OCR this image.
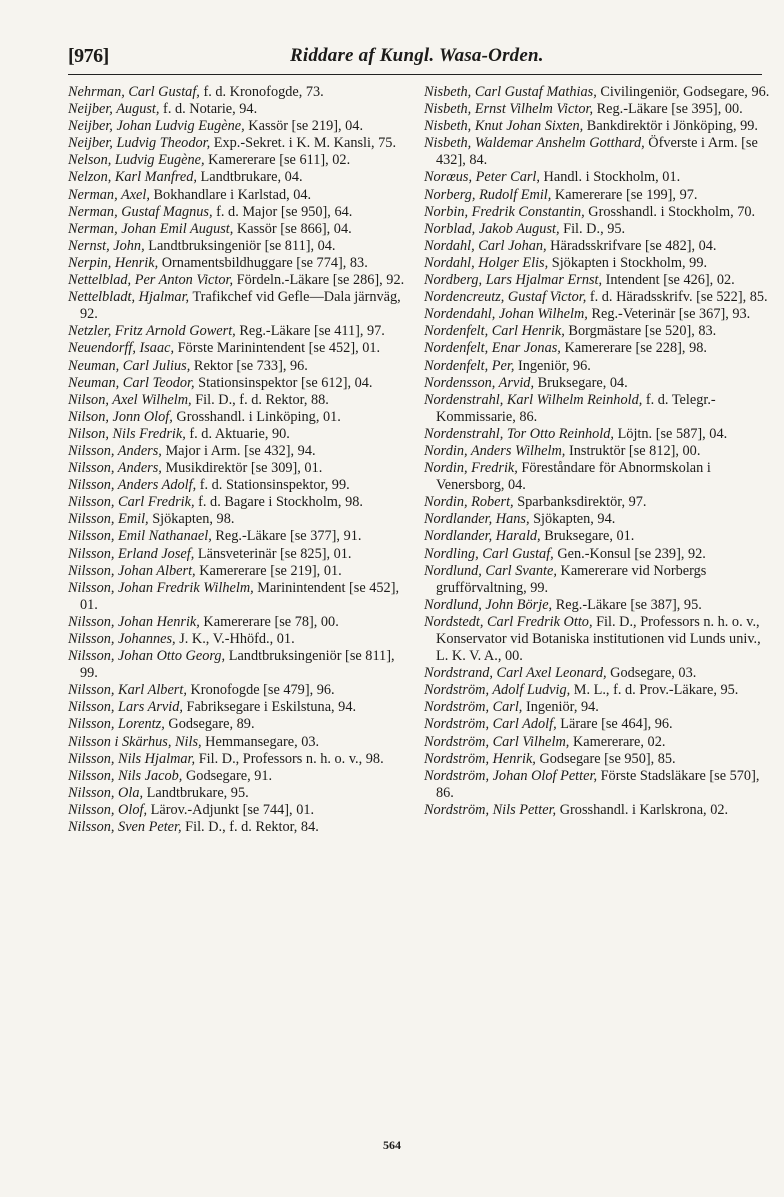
[976]	Riddare af Kungl. Wasa-Orden.

Nehrman, Carl Gustaf, f. d. Kronofogde, 73.

Neijber, August, f. d. Notarie, 94.

Neijber, Johan Ludvig Eugène, Kassör [se 219], 04.

Neijber, Ludvig Theodor, Exp.-Sekret. i K. M. Kansli, 75.

Nelson, Ludvig Eugène, Kamererare [se 611], 02.

Nelzon, Karl Manfred, Landtbrukare, 04.

Nerman, Axel, Bokhandlare i Karlstad, 04.

Nerman, Gustaf Magnus, f. d. Major [se 950], 64.

Nerman, Johan Emil August, Kassör [se 866], 04.

Nernst, John, Landtbruksingeniör [se 811], 04.

Nerpin, Henrik, Ornamentsbildhuggare [se 774], 83.

Nettelblad, Per Anton Victor, Fördeln.-Läkare [se 286], 92.

Nettelbladt, Hjalmar, Trafikchef vid Gefle—Dala järnväg, 92.

Netzler, Fritz Arnold Gowert, Reg.-Läkare [se 411], 97.

Neuendorff, Isaac, Förste Marinintendent [se 452], 01.

Neuman, Carl Julius, Rektor [se 733], 96.

Neuman, Carl Teodor, Stationsinspektor [se 612], 04.

Nilson, Axel Wilhelm, Fil. D., f. d. Rektor, 88.

Nilson, Jonn Olof, Grosshandl. i Linköping, 01.

Nilson, Nils Fredrik, f. d. Aktuarie, 90.

Nilsson, Anders, Major i Arm. [se 432], 94.

Nilsson, Anders, Musikdirektör [se 309], 01.

Nilsson, Anders Adolf, f. d. Stationsinspektor, 99.

Nilsson, Carl Fredrik, f. d. Bagare i Stockholm, 98.

Nilsson, Emil, Sjökapten, 98.

Nilsson, Emil Nathanael, Reg.-Läkare [se 377], 91.

Nilsson, Erland Josef, Länsveterinär [se 825], 01.

Nilsson, Johan Albert, Kamererare [se 219], 01.

Nilsson, Johan Fredrik Wilhelm, Marinintendent [se 452], 01.

Nilsson, Johan Henrik, Kamererare [se 78], 00.

Nilsson, Johannes, J. K., V.-Hhöfd., 01.

Nilsson, Johan Otto Georg, Landtbruksingeniör [se 811], 99.

Nilsson, Karl Albert, Kronofogde [se 479], 96.

Nilsson, Lars Arvid, Fabriksegare i Eskilstuna, 94.

Nilsson, Lorentz, Godsegare, 89.

Nilsson i Skärhus, Nils, Hemmansegare, 03.

Nilsson, Nils Hjalmar, Fil. D., Professors n. h. o. v., 98.

Nilsson, Nils Jacob, Godsegare, 91.

Nilsson, Ola, Landtbrukare, 95.

Nilsson, Olof, Lärov.-Adjunkt [se 744], 01.

Nilsson, Sven Peter, Fil. D., f. d. Rektor, 84.

Nisbeth, Carl Gustaf Mathias, Civilingeniör, Godsegare, 96.

Nisbeth, Ernst Vilhelm Victor, Reg.-Läkare [se 395], 00.

Nisbeth, Knut Johan Sixten, Bankdirektör i Jönköping, 99.

Nisbeth, Waldemar Anshelm Gotthard, Öfverste i Arm. [se 432], 84.

Norœus, Peter Carl, Handl. i Stockholm, 01.

Norberg, Rudolf Emil, Kamererare [se 199], 97.

Norbin, Fredrik Constantin, Grosshandl. i Stockholm, 70.

Norblad, Jakob August, Fil. D., 95.

Nordahl, Carl Johan, Häradsskrifvare [se 482], 04.

Nordahl, Holger Elis, Sjökapten i Stockholm, 99.

Nordberg, Lars Hjalmar Ernst, Intendent [se 426], 02.

Nordencreutz, Gustaf Victor, f. d. Häradsskrifv. [se 522], 85.

Nordendahl, Johan Wilhelm, Reg.-Veterinär [se 367], 93.

Nordenfelt, Carl Henrik, Borgmästare [se 520], 83.

Nordenfelt, Enar Jonas, Kamererare [se 228], 98.

Nordenfelt, Per, Ingeniör, 96.

Nordensson, Arvid, Bruksegare, 04.

Nordenstrahl, Karl Wilhelm Reinhold, f. d. Telegr.-Kommissarie, 86.

Nordenstrahl, Tor Otto Reinhold, Löjtn. [se 587], 04.

Nordin, Anders Wilhelm, Instruktör [se 812], 00.

Nordin, Fredrik, Föreståndare för Abnormskolan i Venersborg, 04.

Nordin, Robert, Sparbanksdirektör, 97.

Nordlander, Hans, Sjökapten, 94.

Nordlander, Harald, Bruksegare, 01.

Nordling, Carl Gustaf, Gen.-Konsul [se 239], 92.

Nordlund, Carl Svante, Kamererare vid Norbergs grufförvaltning, 99.

Nordlund, John Börje, Reg.-Läkare [se 387], 95.

Nordstedt, Carl Fredrik Otto, Fil. D., Professors n. h. o. v., Konservator vid Botaniska institutionen vid Lunds univ., L. K. V. A., 00.

Nordstrand, Carl Axel Leonard, Godsegare, 03.

Nordström, Adolf Ludvig, M. L., f. d. Prov.-Läkare, 95.

Nordström, Carl, Ingeniör, 94.

Nordström, Carl Adolf, Lärare [se 464], 96.

Nordström, Carl Vilhelm, Kamererare, 02.

Nordström, Henrik, Godsegare [se 950], 85.

Nordström, Johan Olof Petter, Förste Stadsläkare [se 570], 86.

Nordström, Nils Petter, Grosshandl. i Karlskrona, 02.

564
